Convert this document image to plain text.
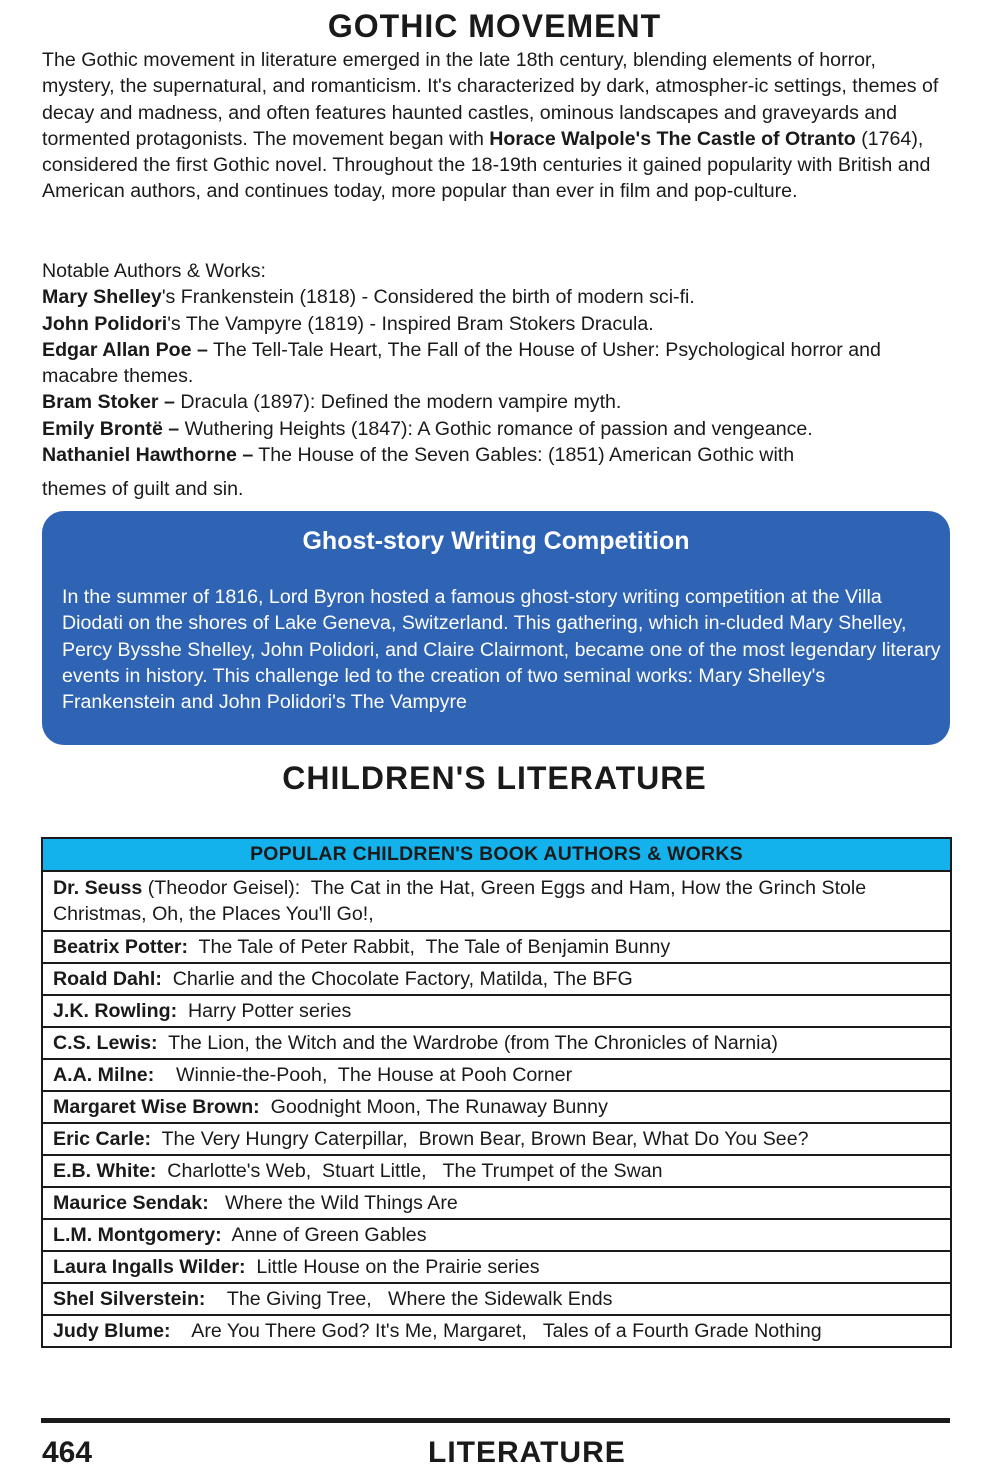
GOTHIC MOVEMENT

The Gothic movement in literature emerged in the late 18th century, blending elements of horror, mystery, the supernatural, and romanticism. It's characterized by dark, atmospher-ic settings, themes of decay and madness, and often features haunted castles, ominous landscapes and graveyards and tormented protagonists. The movement began with Horace Walpole's The Castle of Otranto (1764), considered the first Gothic novel. Throughout the 18-19th centuries it gained popularity with British and American authors, and continues today, more popular than ever in film and pop-culture.

Notable Authors & Works:
Mary Shelley's Frankenstein (1818) - Considered the birth of modern sci-fi.
John Polidori's The Vampyre (1819) - Inspired Bram Stokers Dracula.
Edgar Allan Poe – The Tell-Tale Heart, The Fall of the House of Usher: Psychological horror and macabre themes.
Bram Stoker – Dracula (1897): Defined the modern vampire myth.
Emily Brontë – Wuthering Heights (1847): A Gothic romance of passion and vengeance.
Nathaniel Hawthorne – The House of the Seven Gables: (1851) American Gothic with
themes of guilt and sin.
Ghost-story Writing Competition

In the summer of 1816, Lord Byron hosted a famous ghost-story writing competition at the Villa Diodati on the shores of Lake Geneva, Switzerland. This gathering, which in-cluded Mary Shelley, Percy Bysshe Shelley, John Polidori, and Claire Clairmont, became one of the most legendary literary events in history. This challenge led to the creation of two seminal works: Mary Shelley's Frankenstein and John Polidori's The Vampyre

CHILDREN'S LITERATURE
POPULAR CHILDREN'S BOOK AUTHORS & WORKS
Dr. Seuss (Theodor Geisel):  The Cat in the Hat, Green Eggs and Ham, How the Grinch Stole Christmas, Oh, the Places You'll Go!,
Beatrix Potter:  The Tale of Peter Rabbit,  The Tale of Benjamin Bunny
Roald Dahl:  Charlie and the Chocolate Factory, Matilda, The BFG
J.K. Rowling:  Harry Potter series
C.S. Lewis:  The Lion, the Witch and the Wardrobe (from The Chronicles of Narnia)
A.A. Milne:    Winnie-the-Pooh,  The House at Pooh Corner
Margaret Wise Brown:  Goodnight Moon, The Runaway Bunny
Eric Carle:  The Very Hungry Caterpillar,  Brown Bear, Brown Bear, What Do You See?
E.B. White:  Charlotte's Web,  Stuart Little,   The Trumpet of the Swan
Maurice Sendak:   Where the Wild Things Are
L.M. Montgomery:  Anne of Green Gables
Laura Ingalls Wilder:  Little House on the Prairie series
Shel Silverstein:    The Giving Tree,   Where the Sidewalk Ends
Judy Blume:    Are You There God? It's Me, Margaret,   Tales of a Fourth Grade Nothing
464	LITERATURE
